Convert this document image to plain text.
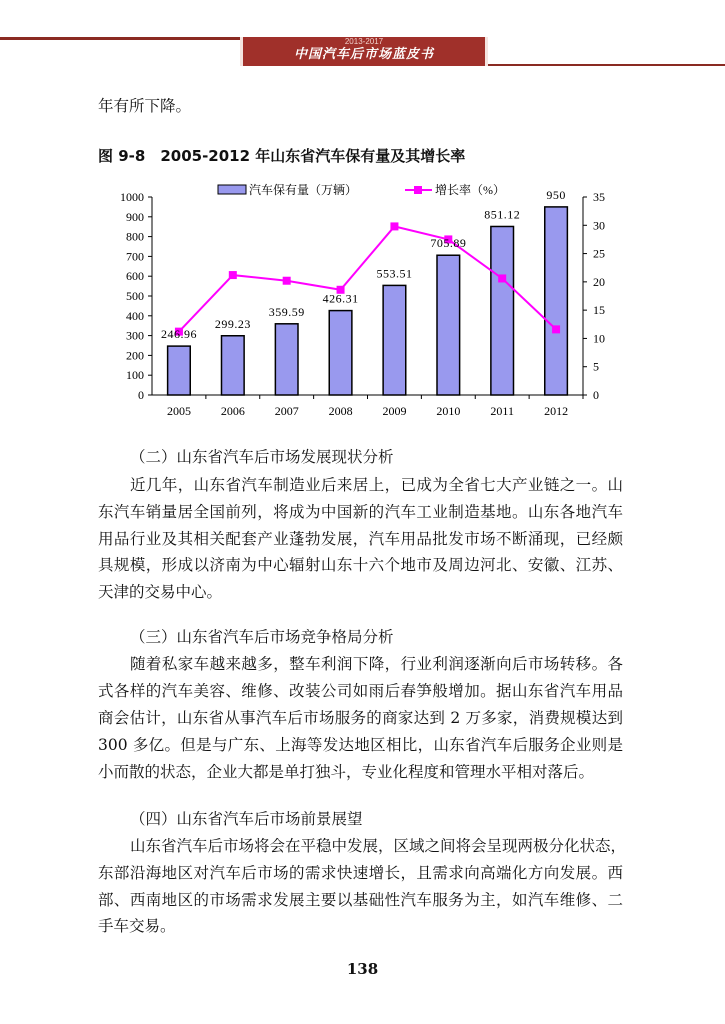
2013-2017
中国汽车后市场蓝皮书
年有所下降。
图 9-8　2005-2012 年山东省汽车保有量及其增长率
汽车保有量（万辆）	增长率（%）
0
100
200
300
400
500
600
700
800
900
1000
0
5
10
15
20
25
30
35
2005 2006 2007 2008 2009 2010	2011	2012
246.96
299.23
359.59
426.31
553.51
705.89
851.12
950
（二）山东省汽车后市场发展现状分析
近几年，山东省汽车制造业后来居上，已成为全省七大产业链之一。山
东汽车销量居全国前列，将成为中国新的汽车工业制造基地。山东各地汽车
用品行业及其相关配套产业蓬勃发展，汽车用品批发市场不断涌现，已经颇
具规模，形成以济南为中心辐射山东十六个地市及周边河北、安徽、江苏、
天津的交易中心。
（三）山东省汽车后市场竞争格局分析
随着私家车越来越多，整车利润下降，行业利润逐渐向后市场转移。各
式各样的汽车美容、维修、改装公司如雨后春笋般增加。据山东省汽车用品
商会估计，山东省从事汽车后市场服务的商家达到 2 万多家，消费规模达到
300 多亿。但是与广东、上海等发达地区相比，山东省汽车后服务企业则是
小而散的状态，企业大都是单打独斗，专业化程度和管理水平相对落后。
（四）山东省汽车后市场前景展望
山东省汽车后市场将会在平稳中发展，区域之间将会呈现两极分化状态，
东部沿海地区对汽车后市场的需求快速增长，且需求向高端化方向发展。西
部、西南地区的市场需求发展主要以基础性汽车服务为主，如汽车维修、二
手车交易。
138
